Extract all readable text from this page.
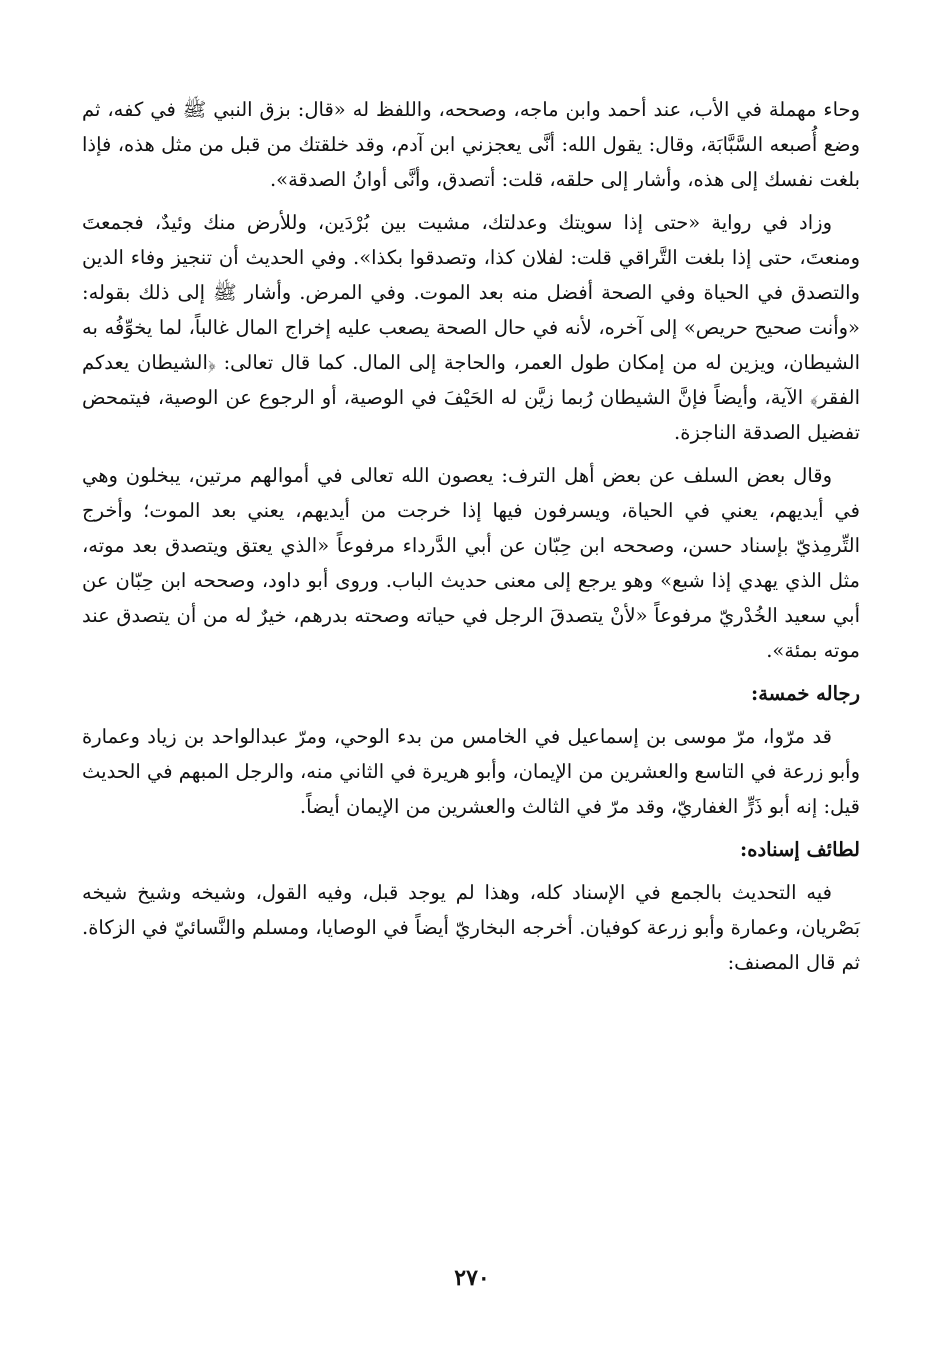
وحاء مهملة في الأب، عند أحمد وابن ماجه، وصححه، واللفظ له «قال: بزق النبي ﷺ في كفه، ثم وضع أُصبعه السَّبَّابَة، وقال: يقول الله: أنَّى يعجزني ابن آدم، وقد خلقتك من قبل من مثل هذه، فإذا بلغت نفسك إلى هذه، وأشار إلى حلقه، قلت: أتصدق، وأنَّى أوانُ الصدقة».

وزاد في رواية «حتى إذا سويتك وعدلتك، مشيت بين بُرْدَين، وللأرض منك وئيدٌ، فجمعتَ ومنعتَ، حتى إذا بلغت التَّراقي قلت: لفلان كذا، وتصدقوا بكذا». وفي الحديث أن تنجيز وفاء الدين والتصدق في الحياة وفي الصحة أفضل منه بعد الموت. وفي المرض. وأشار ﷺ إلى ذلك بقوله: «وأنت صحيح حريص» إلى آخره، لأنه في حال الصحة يصعب عليه إخراج المال غالباً، لما يخوِّفُه به الشيطان، ويزين له من إمكان طول العمر، والحاجة إلى المال. كما قال تعالى: ﴿الشيطان يعدكم الفقر﴾ الآية، وأيضاً فإنَّ الشيطان رُبما زيَّن له الحَيْفَ في الوصية، أو الرجوع عن الوصية، فيتمحض تفضيل الصدقة الناجزة.

وقال بعض السلف عن بعض أهل الترف: يعصون الله تعالى في أموالهم مرتين، يبخلون وهي في أيديهم، يعني في الحياة، ويسرفون فيها إذا خرجت من أيديهم، يعني بعد الموت؛ وأخرج التِّرمِذيّ بإسناد حسن، وصححه ابن حِبّان عن أبي الدَّرداء مرفوعاً «الذي يعتق ويتصدق بعد موته، مثل الذي يهدي إذا شبع» وهو يرجع إلى معنى حديث الباب. وروى أبو داود، وصححه ابن حِبّان عن أبي سعيد الخُدْريّ مرفوعاً «لأنْ يتصدقَ الرجل في حياته وصحته بدرهم، خيرٌ له من أن يتصدق عند موته بمئة».

رجاله خمسة:

قد مرّوا، مرّ موسى بن إسماعيل في الخامس من بدء الوحي، ومرّ عبدالواحد بن زياد وعمارة وأبو زرعة في التاسع والعشرين من الإيمان، وأبو هريرة في الثاني منه، والرجل المبهم في الحديث قيل: إنه أبو ذَرٍّ الغفاريّ، وقد مرّ في الثالث والعشرين من الإيمان أيضاً.

لطائف إسناده:

فيه التحديث بالجمع في الإسناد كله، وهذا لم يوجد قبل، وفيه القول، وشيخه وشيخ شيخه بَصْريان، وعمارة وأبو زرعة كوفيان. أخرجه البخاريّ أيضاً في الوصايا، ومسلم والنَّسائيّ في الزكاة. ثم قال المصنف:

٢٧٠
